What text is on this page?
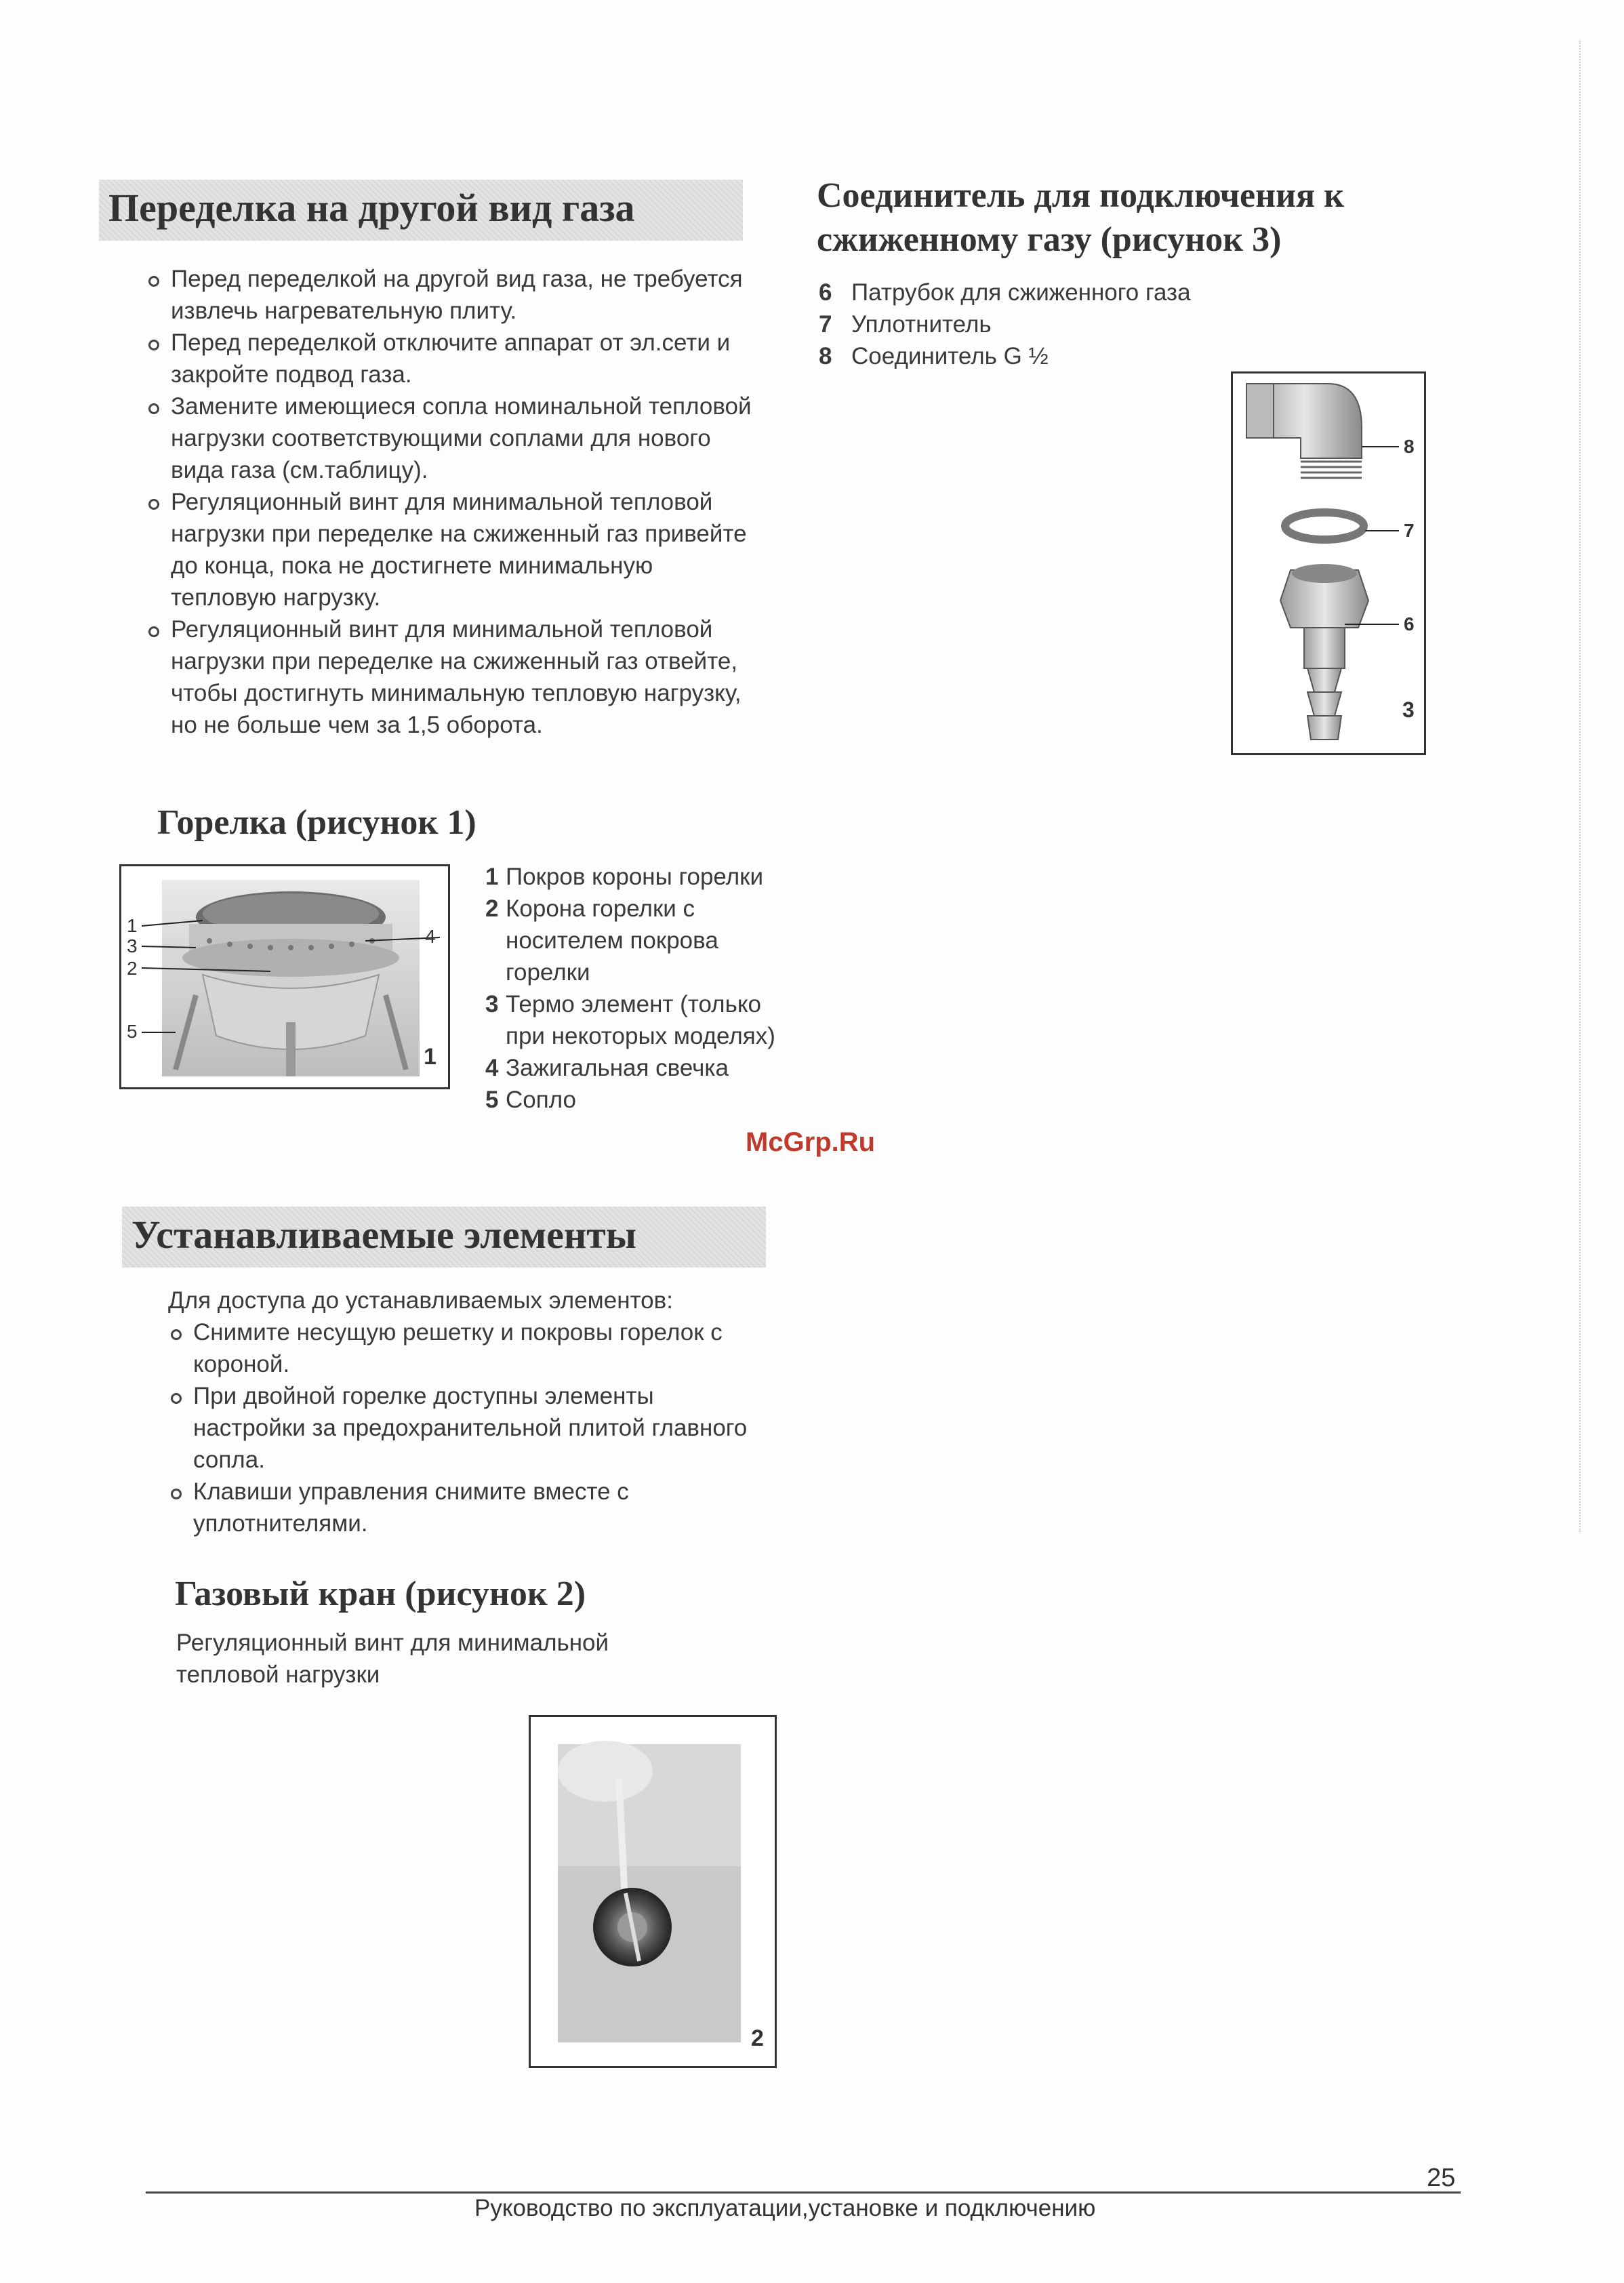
Переделка на другой вид газа
Перед переделкой на другой вид газа, не требуется извлечь нагревательную плиту.
Перед переделкой отключите аппарат от эл.сети и закройте подвод газа.
Замените имеющиеся сопла номинальной тепловой нагрузки соответствующими соплами для нового вида газа (см.таблицу).
Регуляционный винт для минимальной тепловой нагрузки при переделке на сжиженный газ привейте до конца, пока не достигнете минимальную тепловую нагрузку.
Регуляционный винт для минимальной тепловой нагрузки при переделке на сжиженный газ отвейте, чтобы достигнуть минимальную тепловую нагрузку, но не больше чем за 1,5 оборота.
Горелка (рисунок 1)
1
3
2
4
5
1
1 Покров короны горелки
2 Корона горелки с носителем покрова горелки
3 Термо элемент (только при некоторых моделях)
4 Зажигальная свечка
5 Сопло
McGrp.Ru
Устанавливаемые элементы
Для доступа до устанавливаемых элементов:
Снимите несущую решетку и покровы горелок с короной.
При двойной горелке доступны элементы настройки за предохранительной плитой главного сопла.
Клавиши управления снимите вместе с уплотнителями.
Газовый кран (рисунок 2)
Регуляционный винт для минимальной тепловой нагрузки
2
Соединитель для подключения к
сжиженному газу (рисунок 3)
6 Патрубок для сжиженного газа
7 Уплотнитель
8 Соединитель G ½
8
7
6
3
25
Руководство по эксплуатации,установке и подключению
